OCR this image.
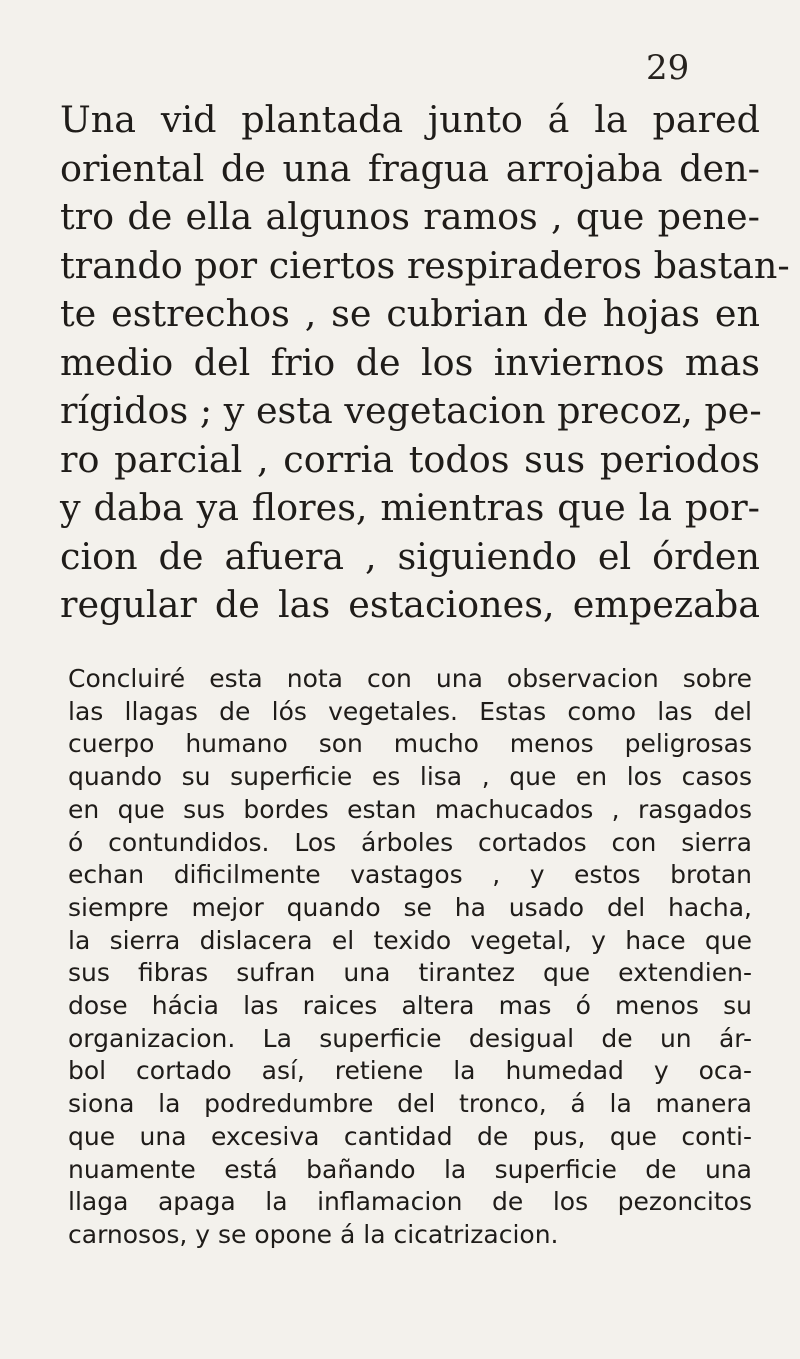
29
Una vid plantada junto á la pared
oriental de una fragua arrojaba den-
tro de ella algunos ramos , que pene-
trando por ciertos respiraderos bastan-
te estrechos , se cubrian de hojas en
medio del frio de los inviernos mas
rígidos ; y esta vegetacion precoz, pe-
ro parcial , corria todos sus periodos
y daba ya flores, mientras que la por-
cion de afuera , siguiendo el órden
regular de las estaciones, empezaba
Concluiré esta nota con una observacion sobre
las llagas de lós vegetales. Estas como las del
cuerpo humano son mucho menos peligrosas
quando su superficie es lisa , que en los casos
en que sus bordes estan machucados , rasgados
ó contundidos. Los árboles cortados con sierra
echan dificilmente vastagos , y estos brotan
siempre mejor quando se ha usado del hacha,
la sierra dislacera el texido vegetal, y hace que
sus fibras sufran una tirantez que extendien-
dose hácia las raices altera mas ó menos su
organizacion. La superficie desigual de un ár-
bol cortado así, retiene la humedad y oca-
siona la podredumbre del tronco, á la manera
que una excesiva cantidad de pus, que conti-
nuamente está bañando la superficie de una
llaga apaga la inflamacion de los pezoncitos
carnosos, y se opone á la cicatrizacion.
